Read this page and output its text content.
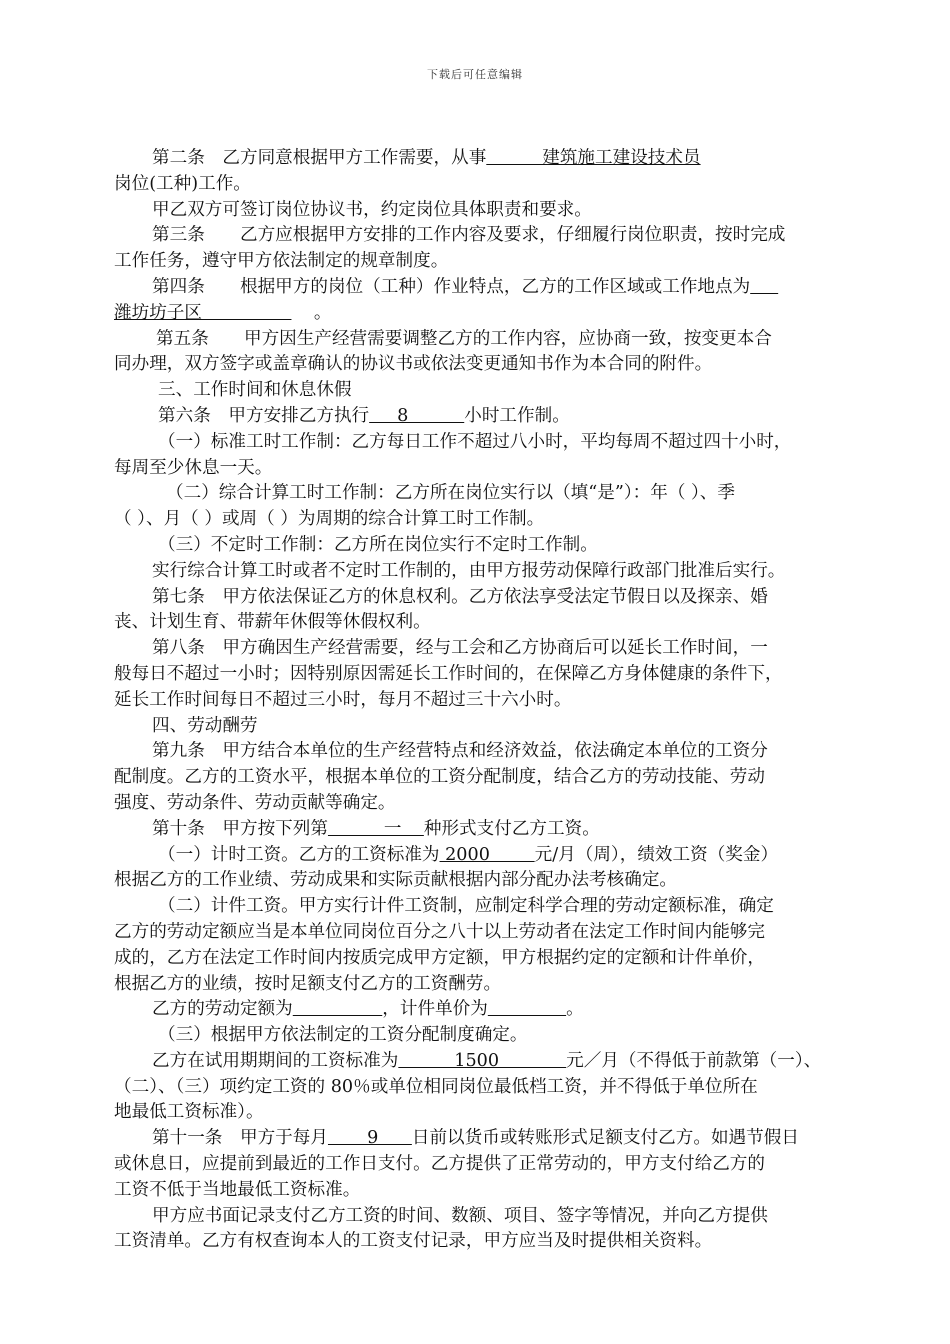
下载后可任意编辑

第二条　乙方同意根据甲方工作需要，从事          建筑施工建设技术员

岗位(工种)工作。

甲乙双方可签订岗位协议书，约定岗位具体职责和要求。

第三条　　乙方应根据甲方安排的工作内容及要求，仔细履行岗位职责，按时完成

工作任务，遵守甲方依法制定的规章制度。

第四条　　根据甲方的岗位（工种）作业特点，乙方的工作区域或工作地点为

潍坊坊子区                    。

第五条　　甲方因生产经营需要调整乙方的工作内容，应协商一致，按变更本合

同办理，双方签字或盖章确认的协议书或依法变更通知书作为本合同的附件。

三、工作时间和休息休假

第六条　甲方安排乙方执行     8          小时工作制。

（一）标准工时工作制：乙方每日工作不超过八小时，平均每周不超过四十小时，

每周至少休息一天。

（二）综合计算工时工作制：乙方所在岗位实行以（填“是”）：年（ ）、季

（ ）、月（ ）或周（ ）为周期的综合计算工时工作制。

（三）不定时工作制：乙方所在岗位实行不定时工作制。

实行综合计算工时或者不定时工作制的，由甲方报劳动保障行政部门批准后实行。

第七条　甲方依法保证乙方的休息权利。乙方依法享受法定节假日以及探亲、婚

丧、计划生育、带薪年休假等休假权利。

第八条　甲方确因生产经营需要，经与工会和乙方协商后可以延长工作时间，一

般每日不超过一小时；因特别原因需延长工作时间的，在保障乙方身体健康的条件下，

延长工作时间每日不超过三小时，每月不超过三十六小时。

四、劳动酬劳

第九条　甲方结合本单位的生产经营特点和经济效益，依法确定本单位的工资分

配制度。乙方的工资水平，根据本单位的工资分配制度，结合乙方的劳动技能、劳动

强度、劳动条件、劳动贡献等确定。

第十条　甲方按下列第          一    种形式支付乙方工资。

（一）计时工资。乙方的工资标准为 2000        元/月（周），绩效工资（奖金）

根据乙方的工作业绩、劳动成果和实际贡献根据内部分配办法考核确定。

（二）计件工资。甲方实行计件工资制，应制定科学合理的劳动定额标准，确定

乙方的劳动定额应当是本单位同岗位百分之八十以上劳动者在法定工作时间内能够完

成的，乙方在法定工作时间内按质完成甲方定额，甲方根据约定的定额和计件单价，

根据乙方的业绩，按时足额支付乙方的工资酬劳。

乙方的劳动定额为	，计件单价为	。

（三）根据甲方依法制定的工资分配制度确定。

乙方在试用期期间的工资标准为          1500            元／月（不得低于前款第（一）、

（二）、（三）项约定工资的 80％或单位相同岗位最低档工资，并不得低于单位所在

地最低工资标准）。

第十一条　甲方于每月       9      日前以货币或转账形式足额支付乙方。如遇节假日

或休息日，应提前到最近的工作日支付。乙方提供了正常劳动的，甲方支付给乙方的

工资不低于当地最低工资标准。

甲方应书面记录支付乙方工资的时间、数额、项目、签字等情况，并向乙方提供

工资清单。乙方有权查询本人的工资支付记录，甲方应当及时提供相关资料。
